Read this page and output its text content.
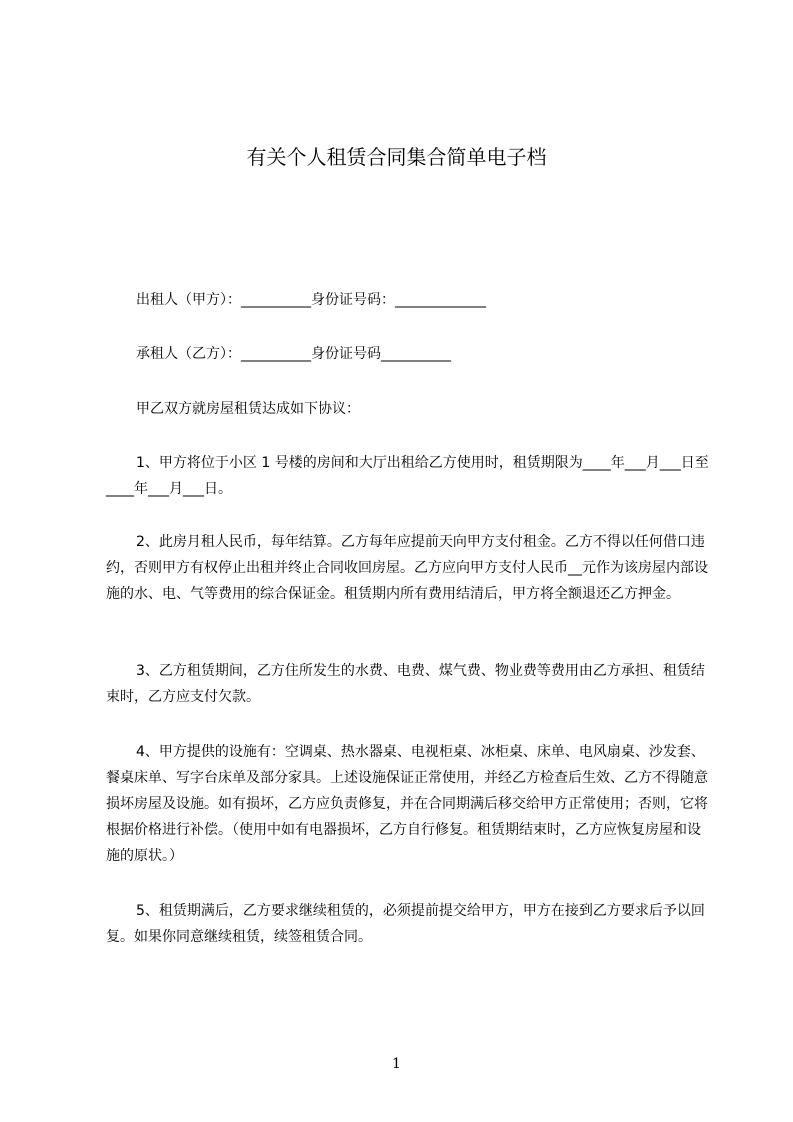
有关个人租赁合同集合简单电子档

出租人（甲方）：__________身份证号码：_____________

承租人（乙方）：__________身份证号码__________

甲乙双方就房屋租赁达成如下协议：

1、甲方将位于小区 1 号楼的房间和大厅出租给乙方使用时，租赁期限为____年___月___日至____年___月___日。

2、此房月租人民币，每年结算。乙方每年应提前天向甲方支付租金。乙方不得以任何借口违约，否则甲方有权停止出租并终止合同收回房屋。乙方应向甲方支付人民币__元作为该房屋内部设施的水、电、气等费用的综合保证金。租赁期内所有费用结清后，甲方将全额退还乙方押金。

3、乙方租赁期间，乙方住所发生的水费、电费、煤气费、物业费等费用由乙方承担、租赁结束时，乙方应支付欠款。

4、甲方提供的设施有：空调桌、热水器桌、电视柜桌、冰柜桌、床单、电风扇桌、沙发套、餐桌床单、写字台床单及部分家具。上述设施保证正常使用，并经乙方检查后生效、乙方不得随意损坏房屋及设施。如有损坏，乙方应负责修复，并在合同期满后移交给甲方正常使用；否则，它将根据价格进行补偿。（使用中如有电器损坏，乙方自行修复。租赁期结束时，乙方应恢复房屋和设施的原状。）

5、租赁期满后，乙方要求继续租赁的，必须提前提交给甲方，甲方在接到乙方要求后予以回复。如果你同意继续租赁，续签租赁合同。

1
